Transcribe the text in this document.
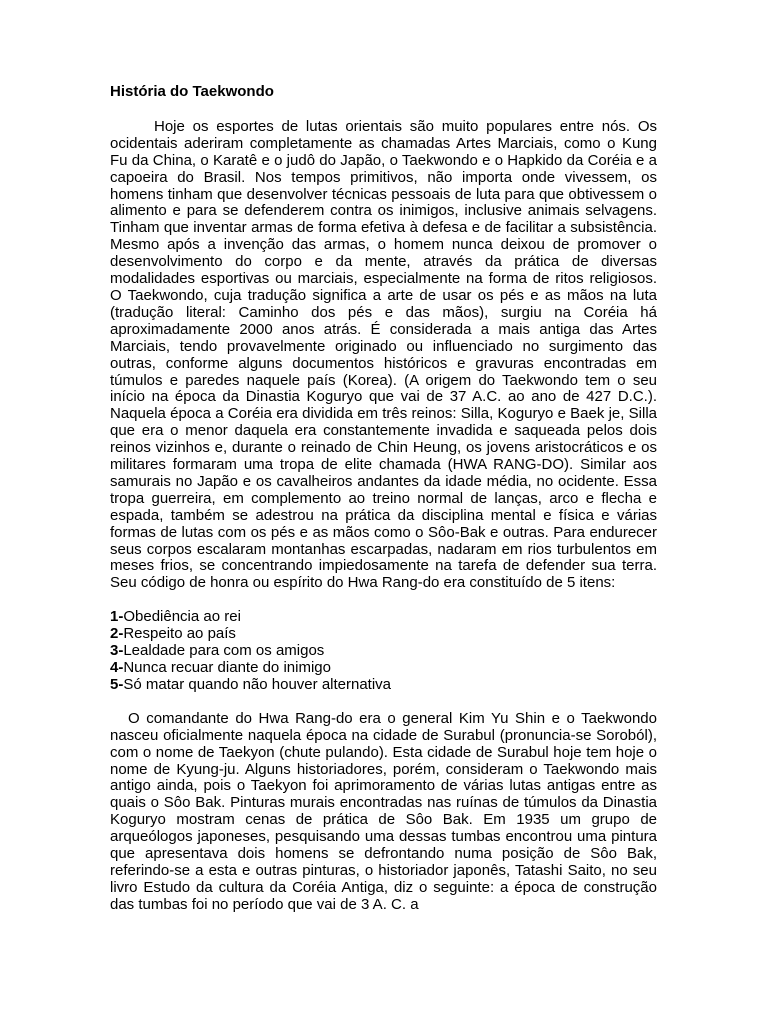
História do Taekwondo

Hoje os esportes de lutas orientais são muito populares entre nós. Os ocidentais aderiram completamente as chamadas Artes Marciais, como o Kung Fu da China, o Karatê e o judô do Japão, o Taekwondo e o Hapkido da Coréia e a capoeira do Brasil. Nos tempos primitivos, não importa onde vivessem, os homens tinham que desenvolver técnicas pessoais de luta para que obtivessem o alimento e para se defenderem contra os inimigos, inclusive animais selvagens. Tinham que inventar armas de forma efetiva à defesa e de facilitar a subsistência. Mesmo após a invenção das armas, o homem nunca deixou de promover o desenvolvimento do corpo e da mente, através da prática de diversas modalidades esportivas ou marciais, especialmente na forma de ritos religiosos. O Taekwondo, cuja tradução significa a arte de usar os pés e as mãos na luta (tradução literal: Caminho dos pés e das mãos), surgiu na Coréia há aproximadamente 2000 anos atrás. É considerada a mais antiga das Artes Marciais, tendo provavelmente originado ou influenciado no surgimento das outras, conforme alguns documentos históricos e gravuras encontradas em túmulos e paredes naquele país (Korea). (A origem do Taekwondo tem o seu início na época da Dinastia Koguryo que vai de 37 A.C. ao ano de 427 D.C.). Naquela época a Coréia era dividida em três reinos: Silla, Koguryo e Baek je, Silla que era o menor daquela era constantemente invadida e saqueada pelos dois reinos vizinhos e, durante o reinado de Chin Heung, os jovens aristocráticos e os militares formaram uma tropa de elite chamada (HWA RANG-DO). Similar aos samurais no Japão e os cavalheiros andantes da idade média, no ocidente. Essa tropa guerreira, em complemento ao treino normal de lanças, arco e flecha e espada, também se adestrou na prática da disciplina mental e física e várias formas de lutas com os pés e as mãos como o Sôo-Bak e outras. Para endurecer seus corpos escalaram montanhas escarpadas, nadaram em rios turbulentos em meses frios, se concentrando impiedosamente na tarefa de defender sua terra. Seu código de honra ou espírito do Hwa Rang-do era constituído de 5 itens:

1-Obediência ao rei
2-Respeito ao país
3-Lealdade para com os amigos
4-Nunca recuar diante do inimigo
5-Só matar quando não houver alternativa

O comandante do Hwa Rang-do era o general Kim Yu Shin e o Taekwondo nasceu oficialmente naquela época na cidade de Surabul (pronuncia-se Soroból), com o nome de Taekyon (chute pulando). Esta cidade de Surabul hoje tem hoje o nome de Kyung-ju. Alguns historiadores, porém, consideram o Taekwondo mais antigo ainda, pois o Taekyon foi aprimoramento de várias lutas antigas entre as quais o Sôo Bak. Pinturas murais encontradas nas ruínas de túmulos da Dinastia Koguryo mostram cenas de prática de Sôo Bak. Em 1935 um grupo de arqueólogos japoneses, pesquisando uma dessas tumbas encontrou uma pintura que apresentava dois homens se defrontando numa posição de Sôo Bak, referindo-se a esta e outras pinturas, o historiador japonês, Tatashi Saito, no seu livro Estudo da cultura da Coréia Antiga, diz o seguinte: a época de construção das tumbas foi no período que vai de 3 A. C. a
